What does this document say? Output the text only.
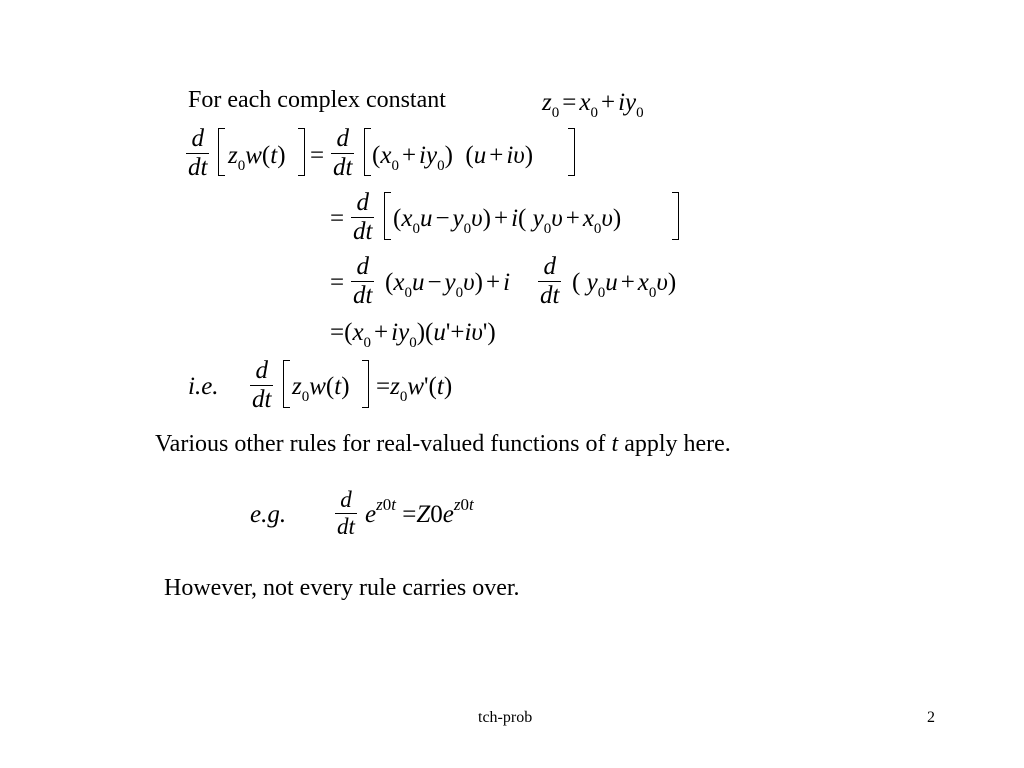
For each complex constant	$z_0 = x_0 + iy_0$
d
dt $z_0w(t)$ =
d
dt $(x_0 + iy_0) (u + i\upsilon)$
=
d
dt $(x_0u - y_0\upsilon) + i$( $y_0\upsilon + x_0\upsilon$)
=
d
dt $(x_0u - y_0\upsilon) + i$
d
dt ( $y_0u + x_0\upsilon$)
$=(x_0 + iy_0)(u'+i\upsilon')$
i.e.
d
dt $z_0w(t) =z_0w'(t)$
Various other rules for real-valued functions of t apply here.
e.g.
d
dt $e^{z0t} =Z0e^{z0t}$
However, not every rule carries over.
tch-prob	2
